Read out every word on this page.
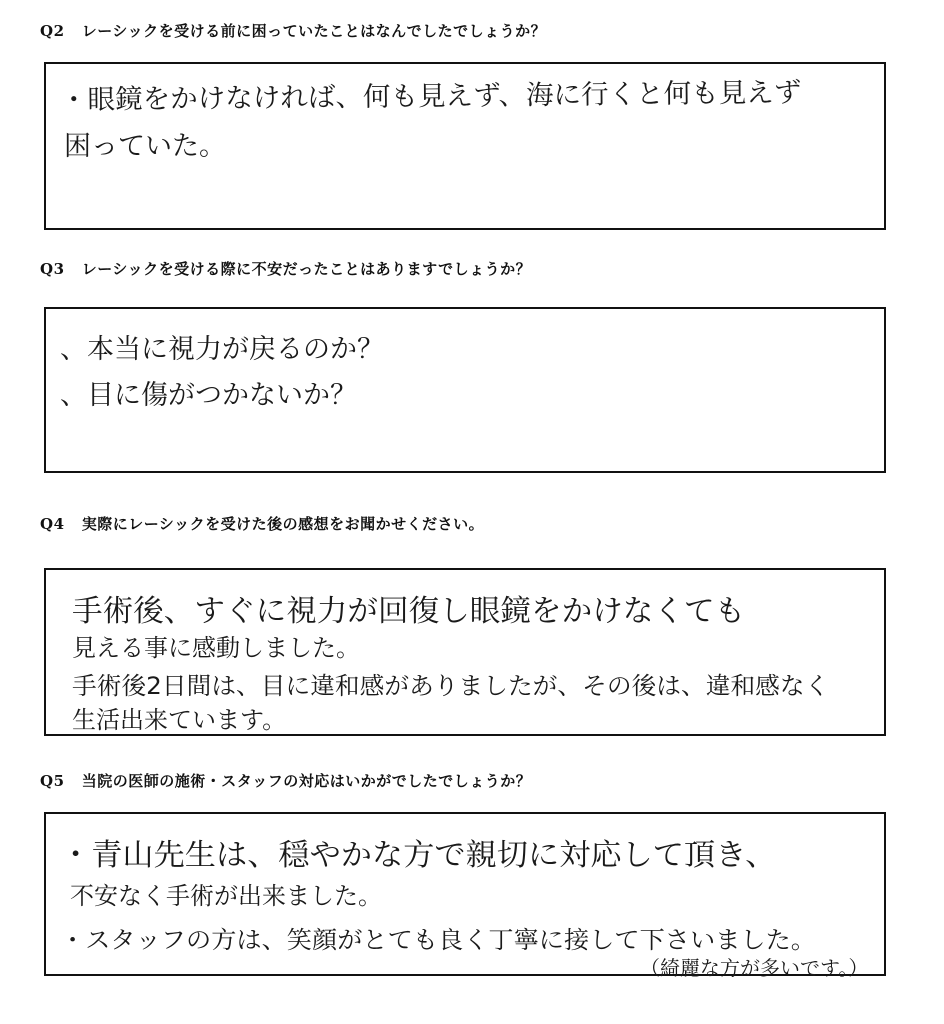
Q2 レーシックを受ける前に困っていたことはなんでしたでしょうか？
・眼鏡をかけなければ、何も見えず、海に行くと何も見えず
困っていた。
Q3 レーシックを受ける際に不安だったことはありますでしょうか？
、本当に視力が戻るのか？
、目に傷がつかないか？
Q4 実際にレーシックを受けた後の感想をお聞かせください。
手術後、すぐに視力が回復し眼鏡をかけなくても
見える事に感動しました。
手術後2日間は、目に違和感がありましたが、その後は、違和感なく
生活出来ています。
Q5 当院の医師の施術・スタッフの対応はいかがでしたでしょうか？
・青山先生は、穏やかな方で親切に対応して頂き、
不安なく手術が出来ました。
・スタッフの方は、笑顔がとても良く丁寧に接して下さいました。
（綺麗な方が多いです。）
